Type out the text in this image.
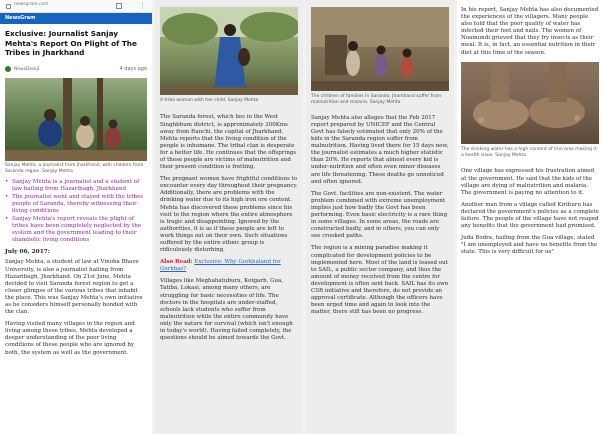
newsgram.com	⋮
NewsGram
Exclusive: Journalist Sanjay Mehta's Report On Plight of The Tribes in Jharkhand
NewsDesk2	4 days ago

Sanjay Mehta, a journalist from Jharkhand, with children from Saranda region. Sanjay Mehta

• Sanjay Mehta is a journalist and a student of law hailing from Hazaribagh, Jharkhand
• The journalist went and stayed with the tribes people of Saranda, thereby witnessing their living conditions
• Sanjay Mehta's report reveals the plight of tribes have been completely neglected by the system and the government leading to their shambolic living conditions

July 06, 2017:

Sanjay Mehta, a student of law at Vinoba Bhave University, is also a journalist hailing from Hazaribagh, Jharkhand. On 21st June, Mehta decided to visit Saranda forest region to get a closer glimpse of the various tribes that inhabit the place. This was Sanjay Mehta's own initiative as he considers himself personally bonded with the clan.

Having visited many villages in the region and living among these tribes, Mehta developed a deeper understanding of the poor living conditions of these people who are ignored by both, the system as well as the government.

A tribe woman with her child. Sanjay Mehta

The Saranda forest, which lies in the West Singhbhum district, is approximately 200Kms away from Ranchi, the capital of Jharkhand. Mehta reports that the living condition of the people is inhumane. The tribal clan is desperate for a better life. He continues that the offsprings of these people are victims of malnutrition and their present condition is fretting.

The pregnant women have frightful conditions to encounter every day throughout their pregnancy. Additionally, there are problems with the drinking water due to its high iron ore content. Mehta has discovered these problems since his visit to the region where the entire atmosphere is tragic and disappointing. Ignored by the authorities, it is as if these people are left to work things out on their own. Such situations suffered by the entire ethnic group is ridiculously disturbing.

Also Read: Exclusive: Why Gorkhaland for Gorkhas?

Villages like Meghahatuburu, Kotgarh, Gua, Tatiba, Lokasi, among many others, are struggling for basic necessities of life. The doctors in the hospitals are under-staffed, schools lack students who suffer from malnutrition while the entire community have only the nature for survival (which isn't enough in today's world). Having failed completely, the questions should be aimed towards the Govt.

The children of families in Saranda, Jharkhand suffer from malnutrition and malaria. Sanjay Mehta

Sanjay Mehta also alleges that the Feb 2017 report prepared by UNICEF and the Central Govt has falsely estimated that only 20% of the kids in the Saranda region suffer from malnutrition. Having lived there for 15 days now, the journalist estimates a much higher statistic than 20%. He reports that almost every kid is under-nutrition and often even minor diseases are life threatening. These deaths go unnoticed and often ignored.

The Govt. facilities are non-existent. The water problem combined with extreme unemployment implies just how badly the Govt has been performing. Even basic electricity is a rare thing in some villages. In some areas, the roads are constructed badly, and in others, you can only see crooked paths.

The region is a mining paradise making it complicated for development policies to be implemented here. Most of the land is leased out to SAIL, a public sector company, and thus the amount of money received from the centre for development is often sent back. SAIL has its own CSR initiative and therefore, do not provide an approval certificate. Although the officers have been urged time and again to look into the matter, there still has been no progress.

In his report, Sanjay Mehta has also documented the experiences of the villagers. Many people also told that the poor quality of water has infected their feet and nails. The women of Noamundi grieved that they fry insects as their meal. It is, in fact, an essential nutrition in their diet at this time of the season.

The drinking water has a high content of Iron ores making it a health issue. Sanjay Mehta

One village has expressed his frustration aimed at the government. He said that the kids of the village are dying of malnutrition and malaria. The government is paying no attention to it.

Another man from a village called Kiriburu has declared the government's policies as a complete failure. The people of the village have not reaped any benefits that the government had promised.

Juda Bodra, hailing from the Gua village, stated "I am unemployed and have no benefits from the state. This is very difficult for us"
